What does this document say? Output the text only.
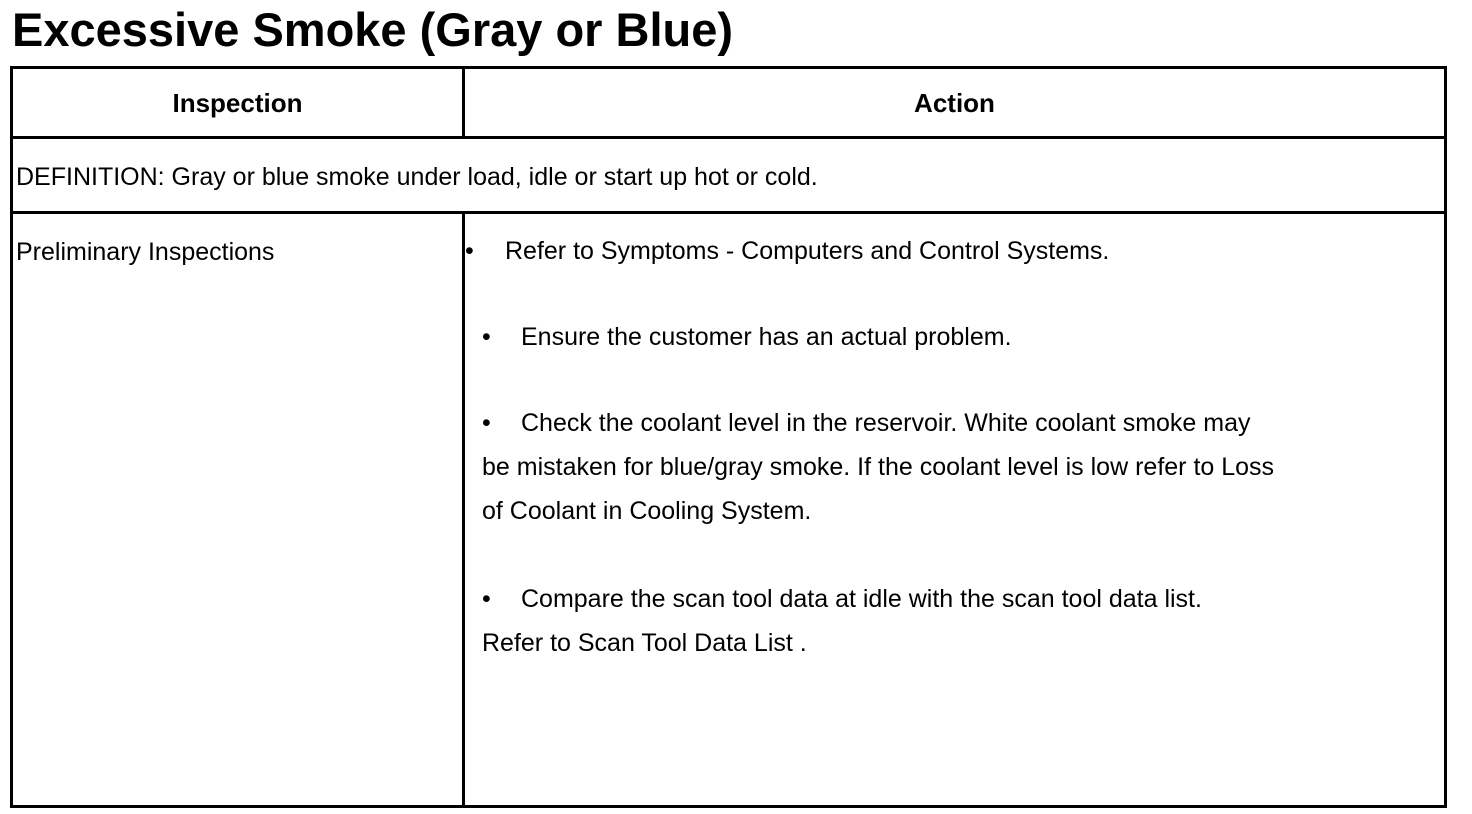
Excessive Smoke (Gray or Blue)
Inspection	Action

DEFINITION: Gray or blue smoke under load, idle or start up hot or cold.

Preliminary Inspections	• Refer to Symptoms - Computers and Control Systems.

• Ensure the customer has an actual problem.

• Check the coolant level in the reservoir. White coolant smoke may

be mistaken for blue/gray smoke. If the coolant level is low refer to Loss

of Coolant in Cooling System.

• Compare the scan tool data at idle with the scan tool data list.

Refer to Scan Tool Data List .
